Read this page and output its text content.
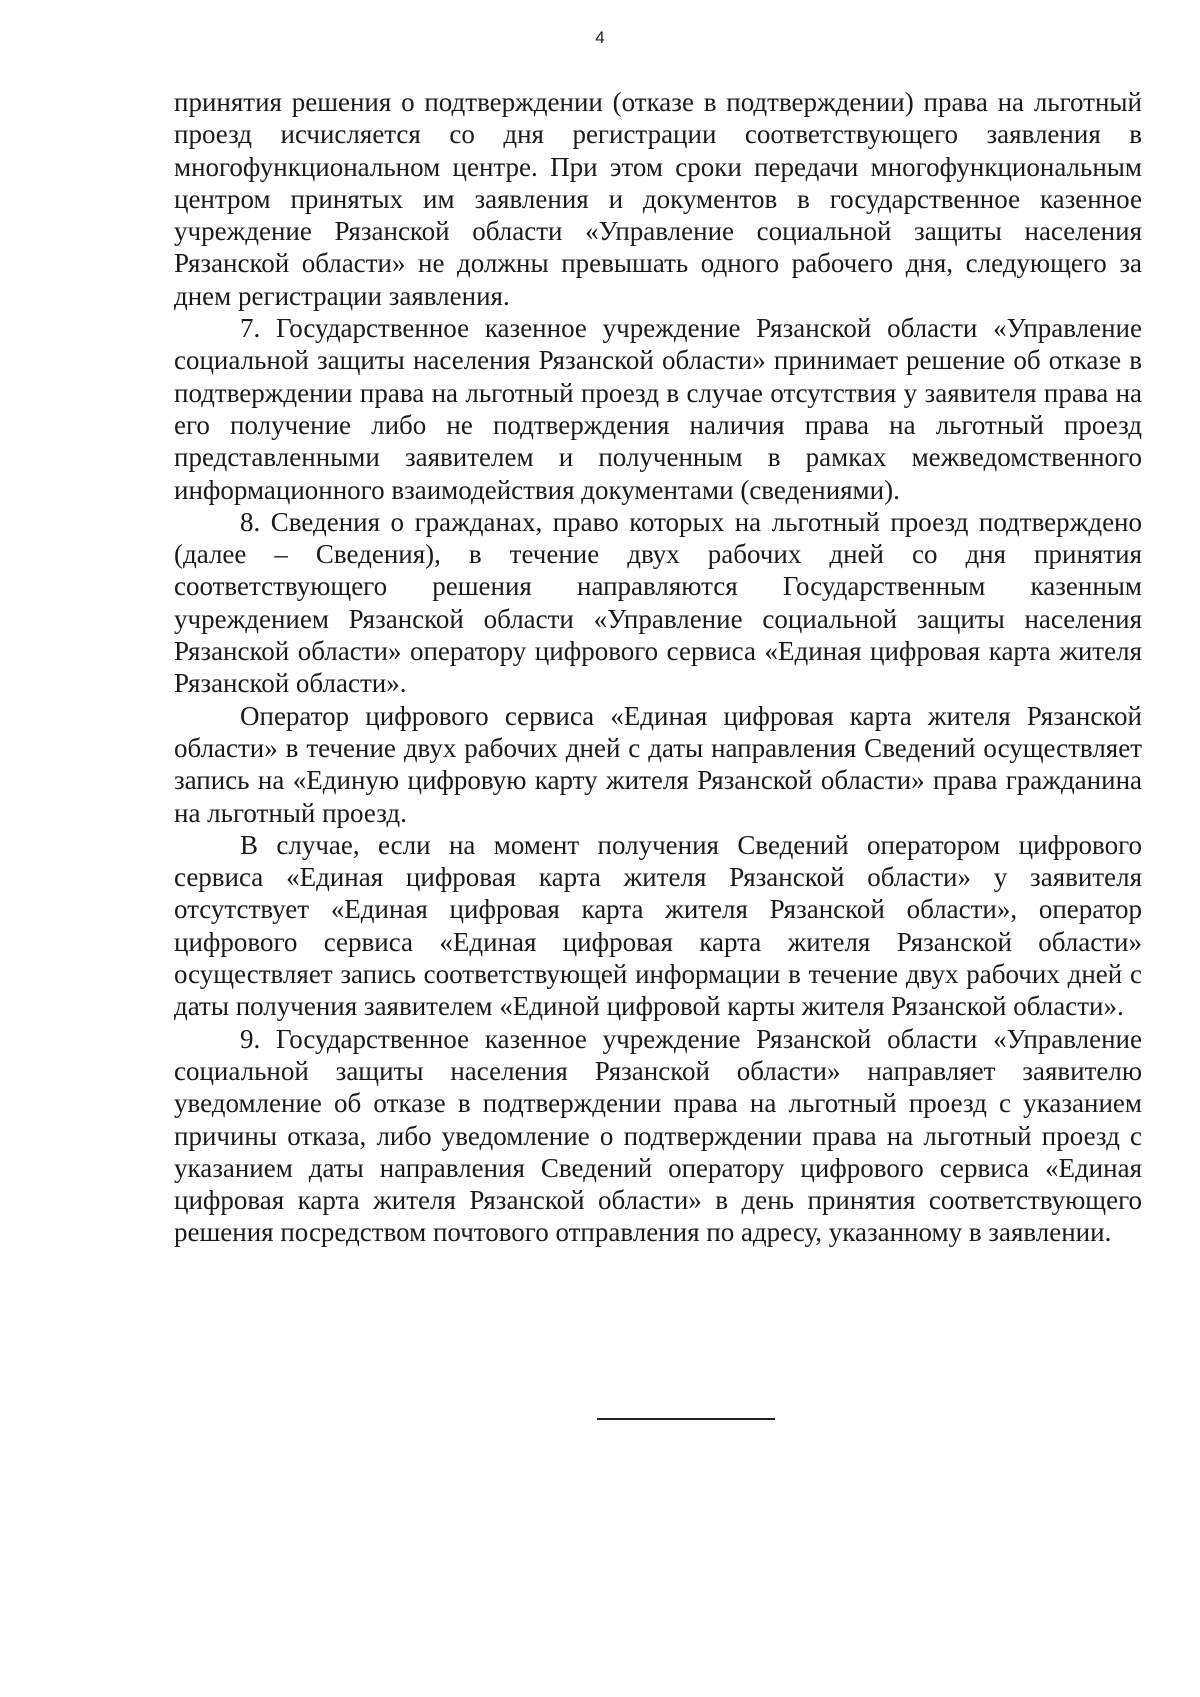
4

принятия решения о подтверждении (отказе в подтверждении) права на льготный проезд исчисляется со дня регистрации соответствующего заявления в многофункциональном центре. При этом сроки передачи многофункциональным центром принятых им заявления и документов в государственное казенное учреждение Рязанской области «Управление социальной защиты населения Рязанской области» не должны превышать одного рабочего дня, следующего за днем регистрации заявления.

7. Государственное казенное учреждение Рязанской области «Управление социальной защиты населения Рязанской области» принимает решение об отказе в подтверждении права на льготный проезд в случае отсутствия у заявителя права на его получение либо не подтверждения наличия права на льготный проезд представленными заявителем и полученным в рамках межведомственного информационного взаимодействия документами (сведениями).

8. Сведения о гражданах, право которых на льготный проезд подтверждено (далее – Сведения), в течение двух рабочих дней со дня принятия соответствующего решения направляются Государственным казенным учреждением Рязанской области «Управление социальной защиты населения Рязанской области» оператору цифрового сервиса «Единая цифровая карта жителя Рязанской области».

Оператор цифрового сервиса «Единая цифровая карта жителя Рязанской области» в течение двух рабочих дней с даты направления Сведений осуществляет запись на «Единую цифровую карту жителя Рязанской области» права гражданина на льготный проезд.

В случае, если на момент получения Сведений оператором цифрового сервиса «Единая цифровая карта жителя Рязанской области» у заявителя отсутствует «Единая цифровая карта жителя Рязанской области», оператор цифрового сервиса «Единая цифровая карта жителя Рязанской области» осуществляет запись соответствующей информации в течение двух рабочих дней с даты получения заявителем «Единой цифровой карты жителя Рязанской области».

9. Государственное казенное учреждение Рязанской области «Управление социальной защиты населения Рязанской области» направляет заявителю уведомление об отказе в подтверждении права на льготный проезд с указанием причины отказа, либо уведомление о подтверждении права на льготный проезд с указанием даты направления Сведений оператору цифрового сервиса «Единая цифровая карта жителя Рязанской области» в день принятия соответствующего решения посредством почтового отправления по адресу, указанному в заявлении.
